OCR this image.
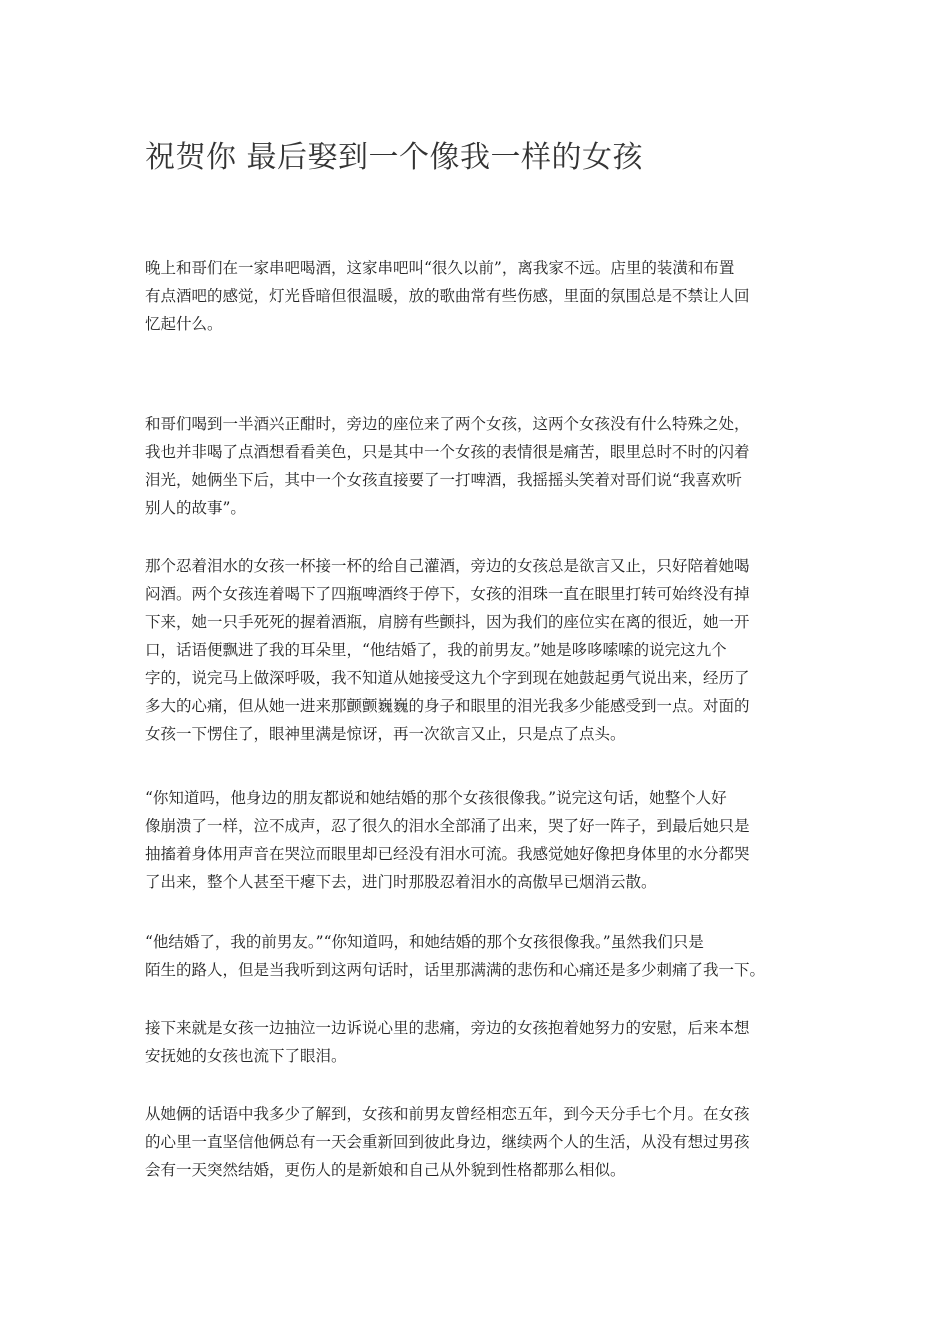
祝贺你 最后娶到一个像我一样的女孩

晚上和哥们在一家串吧喝酒，这家串吧叫“很久以前”，离我家不远。店里的装潢和布置
有点酒吧的感觉，灯光昏暗但很温暖，放的歌曲常有些伤感，里面的氛围总是不禁让人回
忆起什么。

和哥们喝到一半酒兴正酣时，旁边的座位来了两个女孩，这两个女孩没有什么特殊之处，
我也并非喝了点酒想看看美色，只是其中一个女孩的表情很是痛苦，眼里总时不时的闪着
泪光，她俩坐下后，其中一个女孩直接要了一打啤酒，我摇摇头笑着对哥们说“我喜欢听
别人的故事”。

那个忍着泪水的女孩一杯接一杯的给自己灌酒，旁边的女孩总是欲言又止，只好陪着她喝
闷酒。两个女孩连着喝下了四瓶啤酒终于停下，女孩的泪珠一直在眼里打转可始终没有掉
下来，她一只手死死的握着酒瓶，肩膀有些颤抖，因为我们的座位实在离的很近，她一开
口，话语便飘进了我的耳朵里，“他结婚了，我的前男友。”她是哆哆嗦嗦的说完这九个
字的，说完马上做深呼吸，我不知道从她接受这九个字到现在她鼓起勇气说出来，经历了
多大的心痛，但从她一进来那颤颤巍巍的身子和眼里的泪光我多少能感受到一点。对面的
女孩一下愣住了，眼神里满是惊讶，再一次欲言又止，只是点了点头。

“你知道吗，他身边的朋友都说和她结婚的那个女孩很像我。”说完这句话，她整个人好
像崩溃了一样，泣不成声，忍了很久的泪水全部涌了出来，哭了好一阵子，到最后她只是
抽搐着身体用声音在哭泣而眼里却已经没有泪水可流。我感觉她好像把身体里的水分都哭
了出来，整个人甚至干瘪下去，进门时那股忍着泪水的高傲早已烟消云散。

“他结婚了，我的前男友。”“你知道吗，和她结婚的那个女孩很像我。”虽然我们只是
陌生的路人，但是当我听到这两句话时，话里那满满的悲伤和心痛还是多少刺痛了我一下。

接下来就是女孩一边抽泣一边诉说心里的悲痛，旁边的女孩抱着她努力的安慰，后来本想
安抚她的女孩也流下了眼泪。

从她俩的话语中我多少了解到，女孩和前男友曾经相恋五年，到今天分手七个月。在女孩
的心里一直坚信他俩总有一天会重新回到彼此身边，继续两个人的生活，从没有想过男孩
会有一天突然结婚，更伤人的是新娘和自己从外貌到性格都那么相似。
